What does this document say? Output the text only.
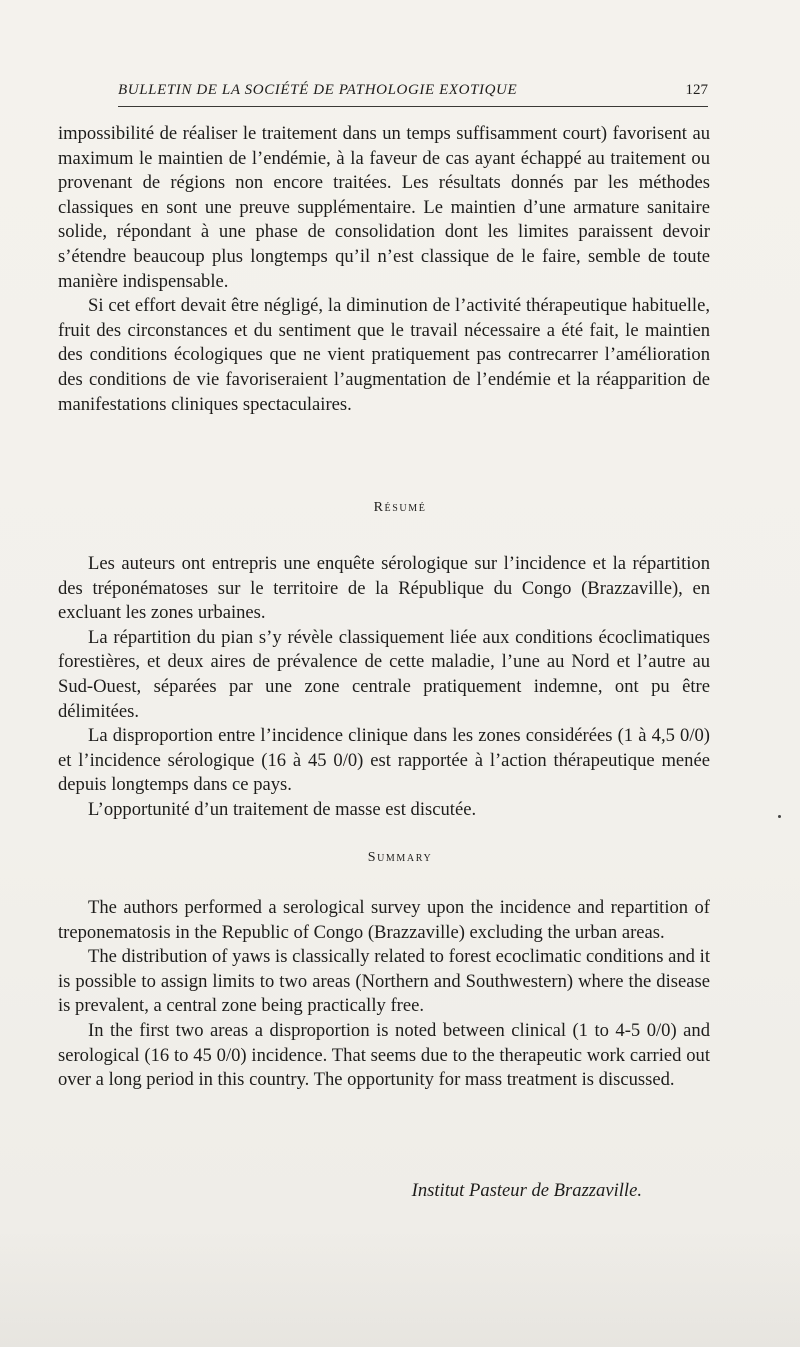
BULLETIN DE LA SOCIÉTÉ DE PATHOLOGIE EXOTIQUE	127

impossibilité de réaliser le traitement dans un temps suffisamment court) favorisent au maximum le maintien de l’endémie, à la faveur de cas ayant échappé au traitement ou provenant de régions non encore traitées. Les résultats donnés par les méthodes classiques en sont une preuve supplémentaire. Le maintien d’une armature sanitaire solide, répondant à une phase de consolidation dont les limites paraissent devoir s’étendre beaucoup plus longtemps qu’il n’est classique de le faire, semble de toute manière indispensable.

Si cet effort devait être négligé, la diminution de l’activité thérapeutique habituelle, fruit des circonstances et du sentiment que le travail nécessaire a été fait, le maintien des conditions écologiques que ne vient pratiquement pas contrecarrer l’amélioration des conditions de vie favoriseraient l’augmentation de l’endémie et la réapparition de manifestations cliniques spectaculaires.

Résumé

Les auteurs ont entrepris une enquête sérologique sur l’incidence et la répartition des tréponématoses sur le territoire de la République du Congo (Brazzaville), en excluant les zones urbaines.

La répartition du pian s’y révèle classiquement liée aux conditions écoclimatiques forestières, et deux aires de prévalence de cette maladie, l’une au Nord et l’autre au Sud-Ouest, séparées par une zone centrale pratiquement indemne, ont pu être délimitées.

La disproportion entre l’incidence clinique dans les zones considérées (1 à 4,5 0/0) et l’incidence sérologique (16 à 45 0/0) est rapportée à l’action thérapeutique menée depuis longtemps dans ce pays.

L’opportunité d’un traitement de masse est discutée.

Summary

The authors performed a serological survey upon the incidence and repartition of treponematosis in the Republic of Congo (Brazzaville) excluding the urban areas.

The distribution of yaws is classically related to forest ecoclimatic conditions and it is possible to assign limits to two areas (Northern and Southwestern) where the disease is prevalent, a central zone being practically free.

In the first two areas a disproportion is noted between clinical (1 to 4-5 0/0) and serological (16 to 45 0/0) incidence. That seems due to the therapeutic work carried out over a long period in this country. The opportunity for mass treatment is discussed.

Institut Pasteur de Brazzaville.
